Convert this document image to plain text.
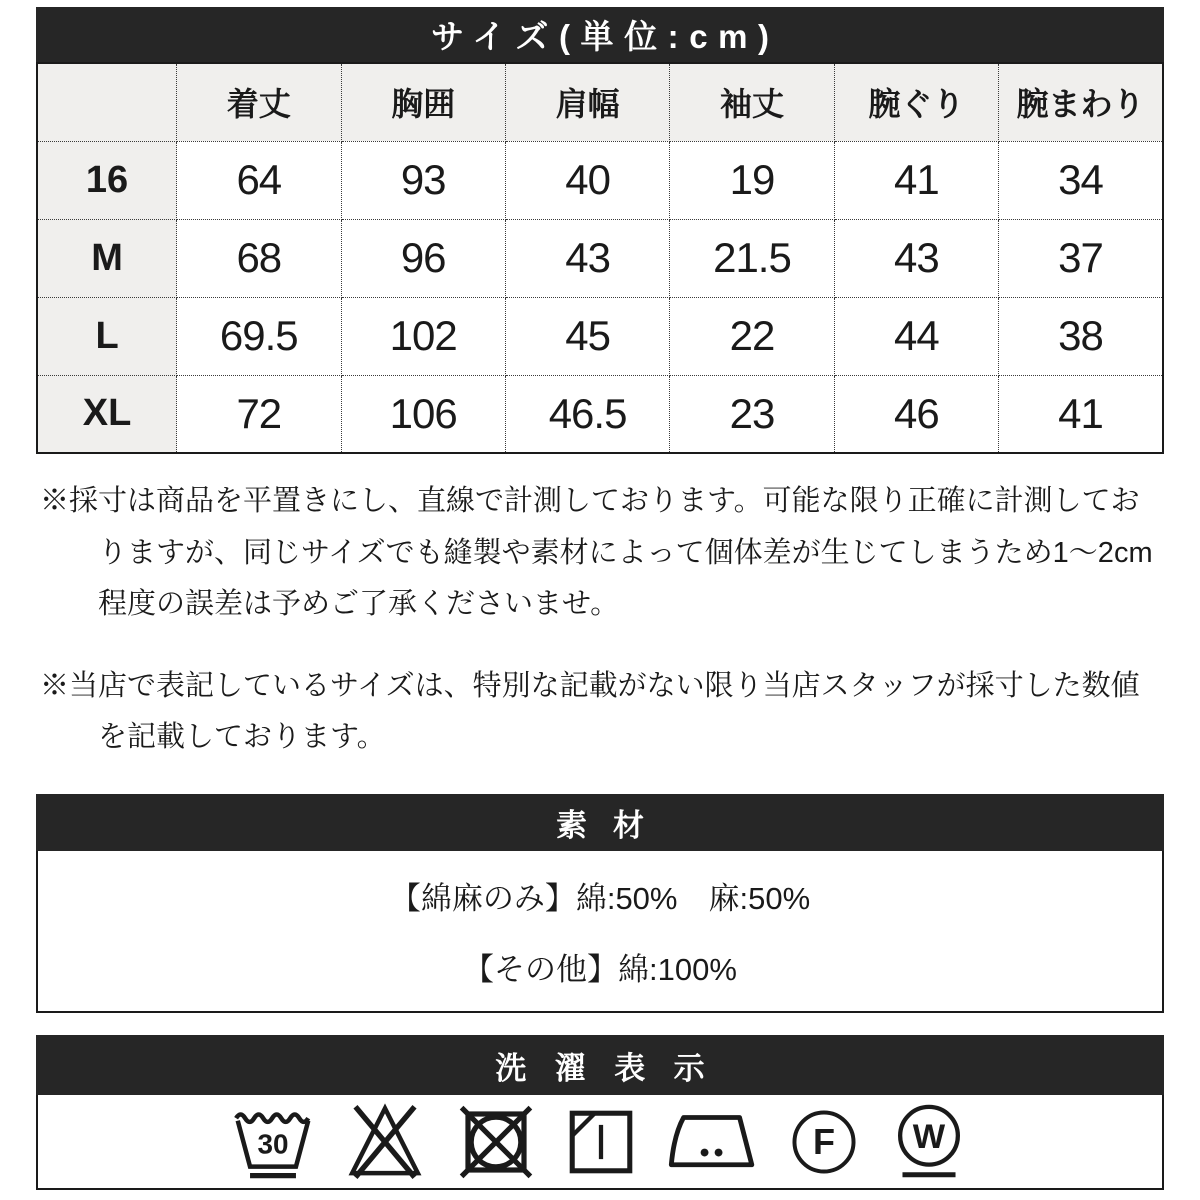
サイズ(単位:cm)
	着丈	胸囲	肩幅	袖丈	腕ぐり	腕まわり
16	64	93	40	19	41	34
M	68	96	43	21.5	43	37
L	69.5	102	45	22	44	38
XL	72	106	46.5	23	46	41

※採寸は商品を平置きにし、直線で計測しております。可能な限り正確に計測しておりますが、同じサイズでも縫製や素材によって個体差が生じてしまうため1〜2cm程度の誤差は予めご了承くださいませ。

※当店で表記しているサイズは、特別な記載がない限り当店スタッフが採寸した数値を記載しております。

素 材
【綿麻のみ】綿:50%　麻:50%
【その他】綿:100%
洗 濯 表 示
30	F W
